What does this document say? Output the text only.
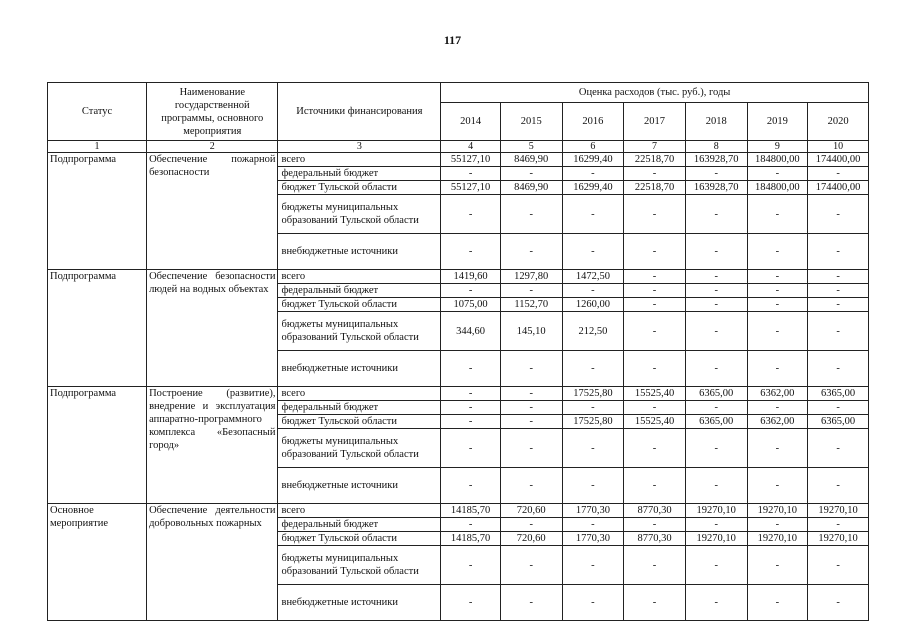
117
Статус	Наименование государственной программы, основного мероприятия	Источники финансирования	Оценка расходов (тыс. руб.), годы						
			2014	2015	2016	2017	2018	2019	2020
1	2	3	4	5	6	7	8	9	10
Подпрограмма	Обеспечение пожарной безопасности	всего	55127,10	8469,90	16299,40	22518,70	163928,70	184800,00	174400,00
		федеральный бюджет	-	-	-	-	-	-	-
		бюджет Тульской области	55127,10	8469,90	16299,40	22518,70	163928,70	184800,00	174400,00
		бюджеты муниципальных образований Тульской области	-	-	-	-	-	-	-
		внебюджетные источники	-	-	-	-	-	-	-
Подпрограмма	Обеспечение безопасности людей на водных объектах	всего	1419,60	1297,80	1472,50	-	-	-	-
		федеральный бюджет	-	-	-	-	-	-	-
		бюджет Тульской области	1075,00	1152,70	1260,00	-	-	-	-
		бюджеты муниципальных образований Тульской области	344,60	145,10	212,50	-	-	-	-
		внебюджетные источники	-	-	-	-	-	-	-
Подпрограмма	Построение (развитие), внедрение и эксплуатация аппаратно-программного комплекса «Безопасный город»	всего	-	-	17525,80	15525,40	6365,00	6362,00	6365,00
		федеральный бюджет	-	-	-	-	-	-	-
		бюджет Тульской области	-	-	17525,80	15525,40	6365,00	6362,00	6365,00
		бюджеты муниципальных образований Тульской области	-	-	-	-	-	-	-
		внебюджетные источники	-	-	-	-	-	-	-
Основное мероприятие	Обеспечение деятельности добровольных пожарных	всего	14185,70	720,60	1770,30	8770,30	19270,10	19270,10	19270,10
		федеральный бюджет	-	-	-	-	-	-	-
		бюджет Тульской области	14185,70	720,60	1770,30	8770,30	19270,10	19270,10	19270,10
		бюджеты муниципальных образований Тульской области	-	-	-	-	-	-	-
		внебюджетные источники	-	-	-	-	-	-	-
